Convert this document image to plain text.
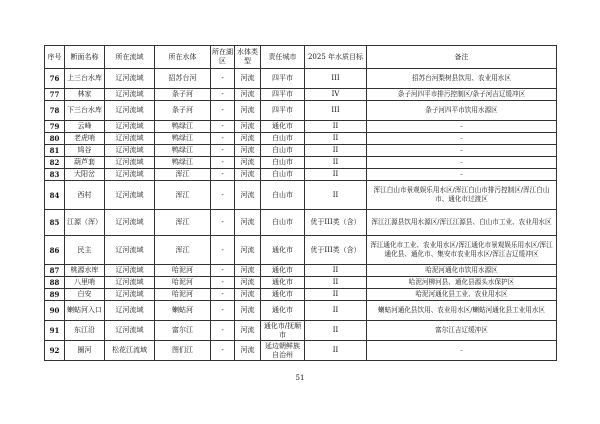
序号	断面名称	所在流域	所在水体	所在湖区	水体类型	责任城市	2025 年水质目标	备注
76	上三台水库	辽河流域	招苏台河	-	河流	四平市	III	招苏台河梨树县饮用、农业用水区
77	林家	辽河流域	条子河	-	河流	四平市	IV	条子河四平市排污控制区/条子河吉辽缓冲区
78	下三台水库	辽河流域	条子河	-	河流	四平市	III	条子河四平市饮用水源区
79	云峰	辽河流域	鸭绿江	-	河流	通化市	II	-
80	老虎哨	辽河流域	鸭绿江	-	河流	白山市	II	-
81	鸠谷	辽河流域	鸭绿江	-	河流	白山市	II	-
82	葫芦套	辽河流域	鸭绿江	-	河流	白山市	II	-
83	大阳岔	辽河流域	浑江	-	河流	白山市	II	-
84	西村	辽河流域	浑江	-	河流	白山市	II	浑江白山市景观娱乐用水区/浑江白山市排污控制区/浑江白山市、通化市过渡区
85	江源（浑）	辽河流域	浑江	-	河流	白山市	优于III类（含）	浑江江源县饮用水源区/浑江江源县、白山市工业、农业用水区
86	民主	辽河流域	浑江	-	河流	通化市	优于III类（含）	浑江通化市工业、农业用水区/浑江通化市景观娱乐用水区/浑江通化县、通化市、集安市农业用水区/浑江吉辽缓冲区
87	桃源水库	辽河流域	哈泥河	-	河流	通化市	II	哈泥河通化市饮用水源区
88	八里哨	辽河流域	哈泥河	-	河流	通化市	II	哈泥河柳河县、通化县源头水保护区
89	白安	辽河流域	哈泥河	-	河流	通化市	II	哈泥河通化县工业、农业用水区
90	蝲蛄河入口	辽河流域	蝲蛄河	-	河流	通化市	II	蝲蛄河通化县饮用、农业用水区/蝲蛄河通化县工业用水区
91	东江沿	辽河流域	富尔江	-	河流	通化市/抚顺市	II	富尔江吉辽缓冲区
92	圈河	松花江流域	图们江	-	河流	延边朝鲜族自治州	II	-
51
